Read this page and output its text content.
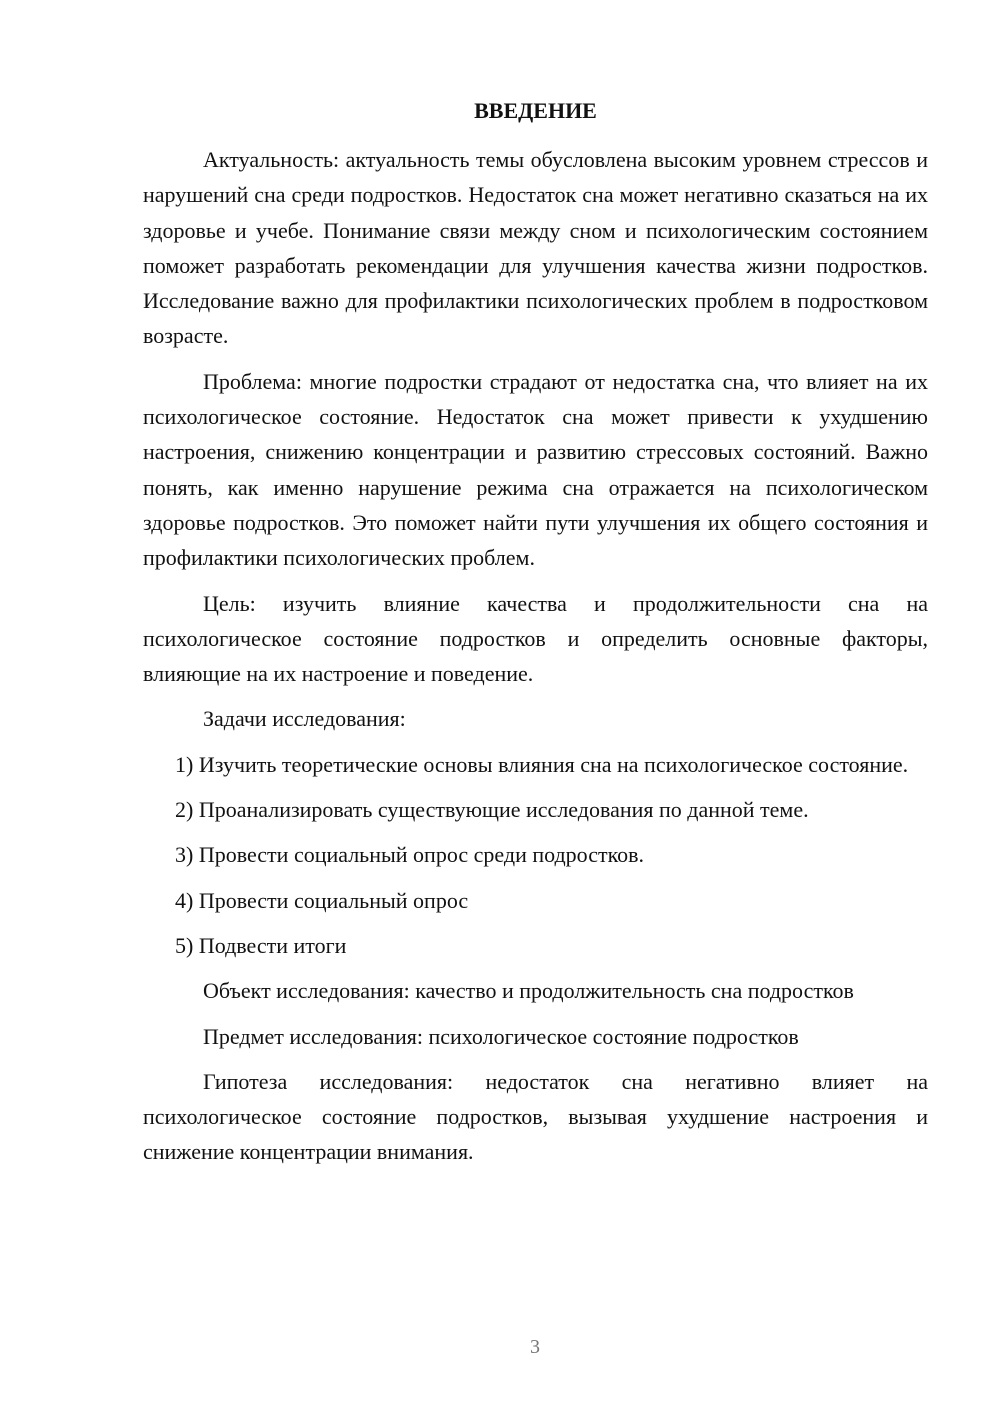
ВВЕДЕНИЕ

Актуальность: актуальность темы обусловлена высоким уровнем стрессов и нарушений сна среди подростков. Недостаток сна может негативно сказаться на их здоровье и учебе. Понимание связи между сном и психологическим состоянием поможет разработать рекомендации для улучшения качества жизни подростков. Исследование важно для профилактики психологических проблем в подростковом возрасте.

Проблема: многие подростки страдают от недостатка сна, что влияет на их психологическое состояние. Недостаток сна может привести к ухудшению настроения, снижению концентрации и развитию стрессовых состояний. Важно понять, как именно нарушение режима сна отражается на психологическом здоровье подростков. Это поможет найти пути улучшения их общего состояния и профилактики психологических проблем.

Цель: изучить влияние качества и продолжительности сна на психологическое состояние подростков и определить основные факторы, влияющие на их настроение и поведение.

Задачи исследования:

1) Изучить теоретические основы влияния сна на психологическое состояние.

2) Проанализировать существующие исследования по данной теме.

3) Провести социальный опрос среди подростков.

4) Провести социальный опрос

5) Подвести итоги

Объект исследования: качество и продолжительность сна подростков

Предмет исследования: психологическое состояние подростков

Гипотеза исследования: недостаток сна негативно влияет на психологическое состояние подростков, вызывая ухудшение настроения и снижение концентрации внимания.

3
